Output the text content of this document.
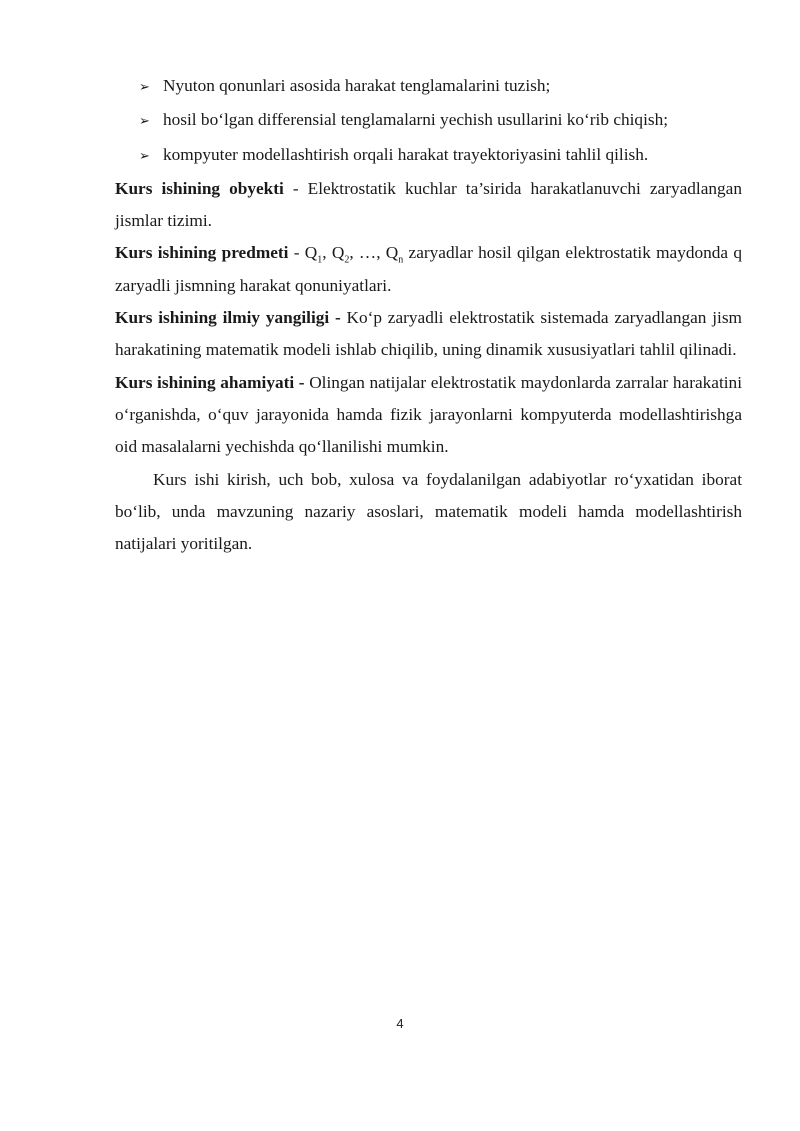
➢ Nyuton qonunlari asosida harakat tenglamalarini tuzish;
➢ hosil bo‘lgan differensial tenglamalarni yechish usullarini ko‘rib chiqish;
➢ kompyuter modellashtirish orqali harakat trayektoriyasini tahlil qilish.

Kurs ishining obyekti - Elektrostatik kuchlar ta’sirida harakatlanuvchi zaryadlangan jismlar tizimi.

Kurs ishining predmeti - $Q_1$, $Q_2$, …, $Q_n$ zaryadlar hosil qilgan elektrostatik maydonda q zaryadli jismning harakat qonuniyatlari.

Kurs ishining ilmiy yangiligi - Ko‘p zaryadli elektrostatik sistemada zaryadlangan jism harakatining matematik modeli ishlab chiqilib, uning dinamik xususiyatlari tahlil qilinadi.

Kurs ishining ahamiyati - Olingan natijalar elektrostatik maydonlarda zarralar harakatini o‘rganishda, o‘quv jarayonida hamda fizik jarayonlarni kompyuterda modellashtirishga oid masalalarni yechishda qo‘llanilishi mumkin.

Kurs ishi kirish, uch bob, xulosa va foydalanilgan adabiyotlar ro‘yxatidan iborat bo‘lib, unda mavzuning nazariy asoslari, matematik modeli hamda modellashtirish natijalari yoritilgan.

4
